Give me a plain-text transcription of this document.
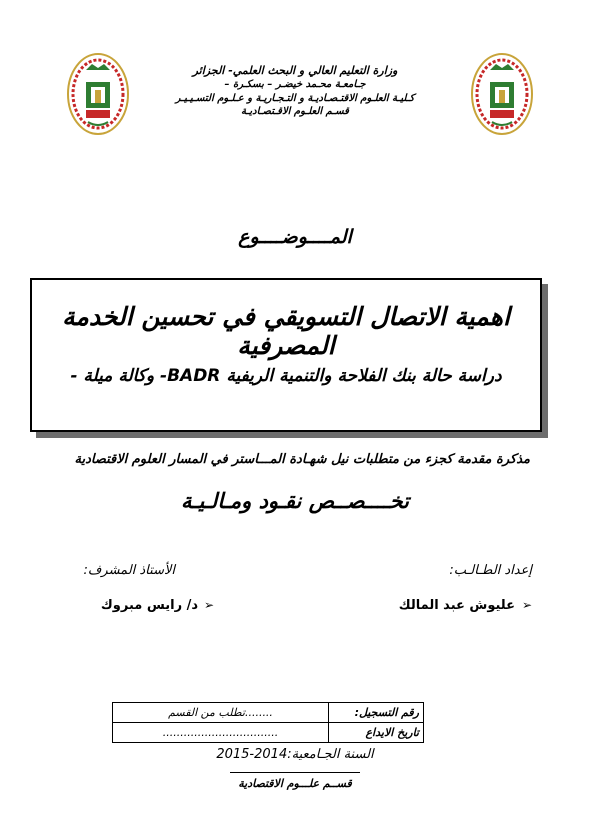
وزارة التعليم العالي و البحث العلمي- الجزائر
جـامعـة محـمد خيضـر – بسكـرة –
كـليـة العلـوم الاقتـصـاديـة و التـجـاريـة و عـلـوم التسـيـيـر
قسـم العلـوم الاقـتصـاديـة
المــــوضــــوع
اهمية الاتصال التسويقي في تحسين الخدمة المصرفية
دراسة حالة بنك الفلاحة والتنمية الريفية BADR- وكالة ميلة -
مذكرة مقدمة كجزء من متطلبات نيل شهـادة المـــاستر في المسار العلوم الاقتصادية
تخــــصــص نقـود ومـالـيـة
إعداد الطـالـب:
الأستاذ المشرف:
➢
عليوش عبد المالك
➢
د/ رايس مبروك
رقم التسجيل:	........تطلب من القسم
تاريخ الايداع	.................................
السنة الجـامعية:2014-2015
قســم علـــوم الاقتصادية
